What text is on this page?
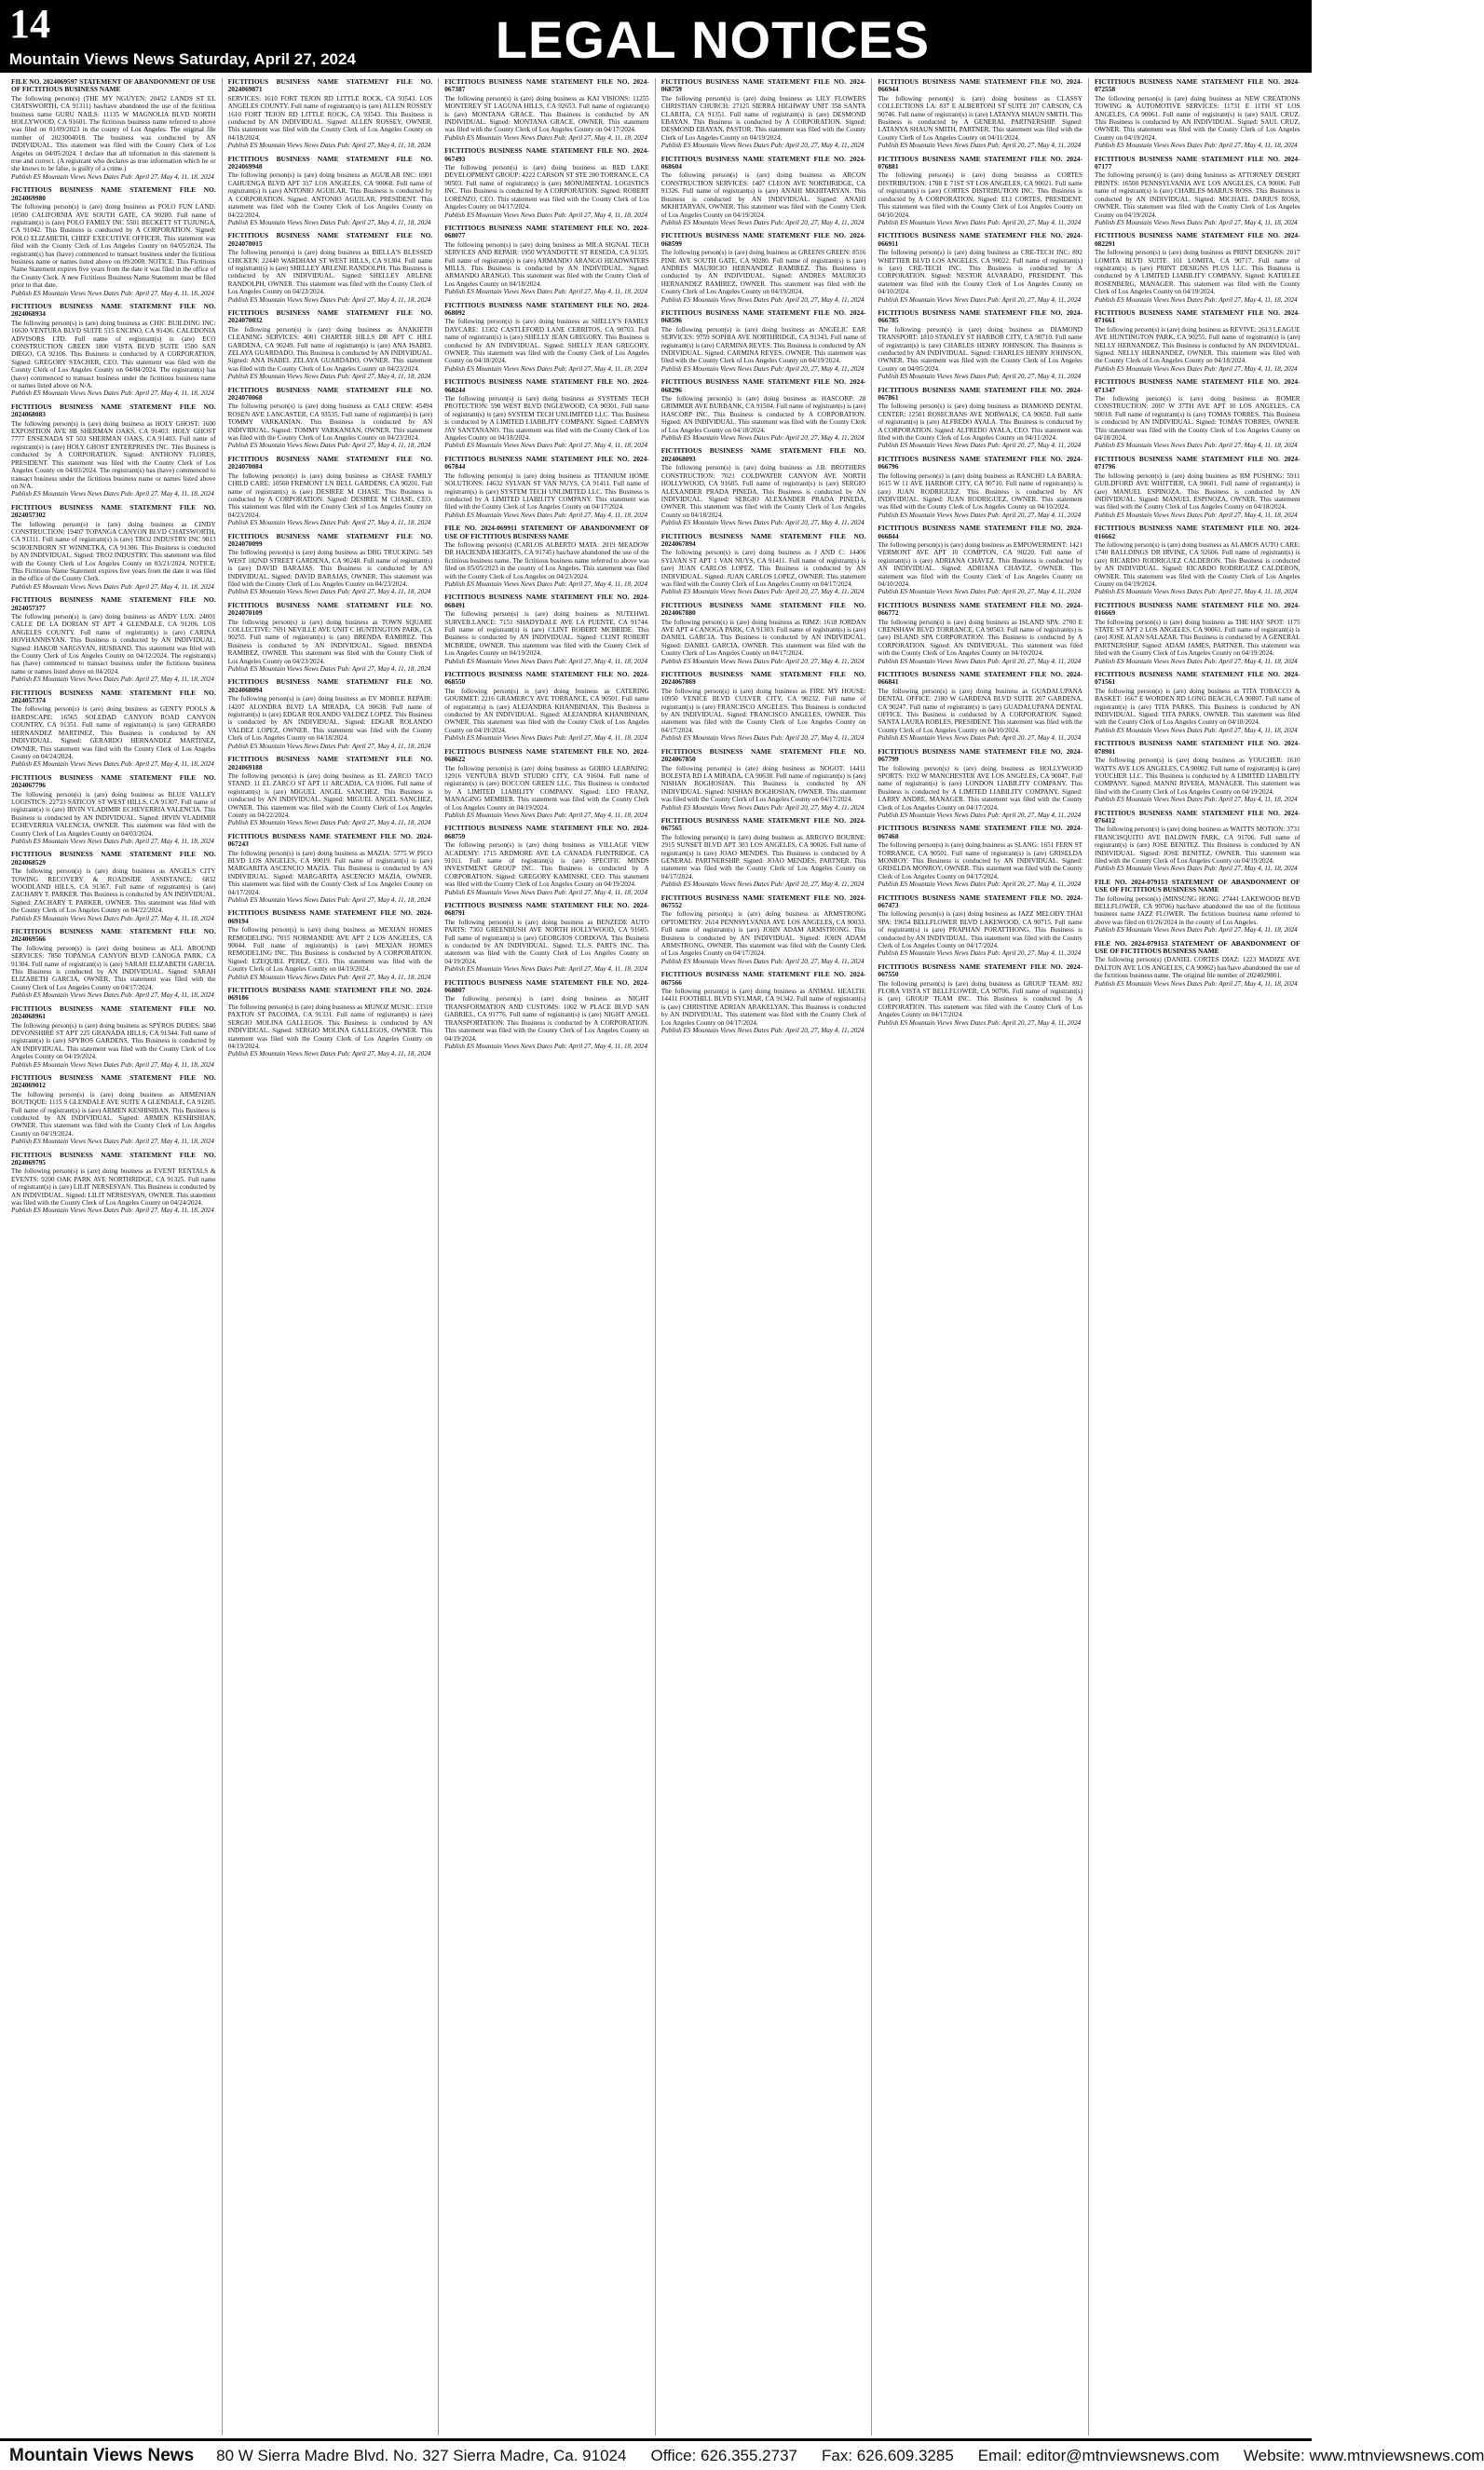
14
Mountain Views News Saturday, April 27, 2024	LEGAL NOTICES
FILE NO. 2024069597 STATEMENT OF ABANDONMENT OF USE OF FICTITIOUS BUSINESS NAME
The following person(s) (THE MY NGUYEN: 20452 LANDS ST EL CHATSWORTH, CA 91311) has/have abandoned the use of the fictitious business name GURU NAILS: 11135 W MAGNOLIA BLVD NORTH HOLLYWOOD, CA 91601. The fictitious business name referred to above was filed on 01/09/2023 in the county of Los Angeles. The original file number of 2023004018. The business was conducted by AN INDIVIDUAL. This statement was filed with the County Clerk of Los Angeles on 04/05/2024. I declare that all information in this statement is true and correct. (A registrant who declares as true information which he or she knows to be false, is guilty of a crime.)
Publish ES Mountain Views News Dates Pub: April 27, May 4, 11, 18, 2024
FICTITIOUS BUSINESS NAME STATEMENT FILE NO. 2024069980
The following person(s) is (are) doing business as POLO FUN LAND: 10500 CALIFORNIA AVE SOUTH GATE, CA 90280. Full name of registrant(s) is (are) POLO FAMILY INC 5501 BECKETT ST TUJUNGA, CA 91042. This Business is conducted by A CORPORATION. Signed: POLO ELIZABETH, CHIEF EXECUTIVE OFFICER. This statement was filed with the County Clerk of Los Angeles County on 04/05/2024. The registrant(s) has (have) commenced to transact business under the fictitious business name or names listed above on 09/2008. NOTICE: This Fictitious Name Statement expires five years from the date it was filed in the office of the County Clerk. A new Fictitious Business Name Statement must be filed prior to that date.
Publish ES Mountain Views News Dates Pub: April 27, May 4, 11, 18, 2024
FICTITIOUS BUSINESS NAME STATEMENT FILE NO. 2024068934
The following person(s) is (are) doing business as CHIC BUILDING INC: 16630 VENTURA BLVD SUITE 515 ENCINO, CA 91436. CALEDONIA ADVISORS LTD. Full name of registrant(s) is (are) ECO CONSTRUCTION GREEN 1800 VISTA BLVD SUITE 1500 SAN DIEGO, CA 92106. This Business is conducted by A CORPORATION. Signed: GREGORY STACHER, CEO. This statement was filed with the County Clerk of Los Angeles County on 04/04/2024. The registrant(s) has (have) commenced to transact business under the fictitious business name or names listed above on N/A.
Publish ES Mountain Views News Dates Pub: April 27, May 4, 11, 18, 2024
FICTITIOUS BUSINESS NAME STATEMENT FILE NO. 2024068083
The following person(s) is (are) doing business as HOLY GHOST: 1600 EXPOSITION AVE 8B SHERMAN OAKS, CA 91403. HOLY GHOST 7777 ENSENADA ST 503 SHERMAN OAKS, CA 91403. Full name of registrant(s) is (are) HOLY GHOST ENTERPRISES INC. This Business is conducted by A CORPORATION. Signed: ANTHONY FLORES, PRESIDENT. This statement was filed with the County Clerk of Los Angeles County on 04/03/2024. The registrant(s) has (have) commenced to transact business under the fictitious business name or names listed above on N/A.
Publish ES Mountain Views News Dates Pub: April 27, May 4, 11, 18, 2024
FICTITIOUS BUSINESS NAME STATEMENT FILE NO. 2024057302
The following person(s) is (are) doing business as CINDY CONSTRUCTION: 19407 TOPANGA CANYON BLVD CHATSWORTH, CA 91311. Full name of registrant(s) is (are) TRO2 INDUSTRY INC 9813 SCHOENBORN ST WINNETKA, CA 91306. This Business is conducted by AN INDIVIDUAL. Signed: TRO2 INDUSTRY. This statement was filed with the County Clerk of Los Angeles County on 03/21/2024. NOTICE: This Fictitious Name Statement expires five years from the date it was filed in the office of the County Clerk.
Publish ES Mountain Views News Dates Pub: April 27, May 4, 11, 18, 2024
FICTITIOUS BUSINESS NAME STATEMENT FILE NO. 2024057377
The following person(s) is (are) doing business as ANDY LUX: 24001 CALLE DE LA DORIAN ST APT 4 GLENDALE, CA 91206. LOS ANGELES COUNTY. Full name of registrant(s) is (are) CARINA HOVHANNISYAN. This Business is conducted by AN INDIVIDUAL. Signed: HAKOB SARGSYAN, HUSBAND. This statement was filed with the County Clerk of Los Angeles County on 04/12/2024. The registrant(s) has (have) commenced to transact business under the fictitious business name or names listed above on 04/2024.
Publish ES Mountain Views News Dates Pub: April 27, May 4, 11, 18, 2024
FICTITIOUS BUSINESS NAME STATEMENT FILE NO. 2024057374
The following person(s) is (are) doing business as GENTY POOLS & HARDSCAPE: 16565 SOLEDAD CANYON ROAD CANYON COUNTRY, CA 91351. Full name of registrant(s) is (are) GERARDO HERNANDEZ MARTINEZ. This Business is conducted by AN INDIVIDUAL. Signed: GERARDO HERNANDEZ MARTINEZ, OWNER. This statement was filed with the County Clerk of Los Angeles County on 04/24/2024.
Publish ES Mountain Views News Dates Pub: April 27, May 4, 11, 18, 2024
FICTITIOUS BUSINESS NAME STATEMENT FILE NO. 2024067796
The following person(s) is (are) doing business as BLUE VALLEY LOGISTICS: 22733 SATICOY ST WEST HILLS, CA 91307. Full name of registrant(s) is (are) IRVIN VLADIMIR ECHEVERRIA VALENCIA. This Business is conducted by AN INDIVIDUAL. Signed: IRVIN VLADIMIR ECHEVERRIA VALENCIA, OWNER. This statement was filed with the County Clerk of Los Angeles County on 04/03/2024.
Publish ES Mountain Views News Dates Pub: April 27, May 4, 11, 18, 2024
FICTITIOUS BUSINESS NAME STATEMENT FILE NO. 2024068529
The following person(s) is (are) doing business as ANGELS CITY TOWING RECOVERY & ROADSIDE ASSISTANCE: 6832 WOODLAND HILLS, CA 91367. Full name of registrant(s) is (are) ZACHARY T. PARKER. This Business is conducted by AN INDIVIDUAL. Signed: ZACHARY T. PARKER, OWNER. This statement was filed with the County Clerk of Los Angeles County on 04/22/2024.
Publish ES Mountain Views News Dates Pub: April 27, May 4, 11, 18, 2024
FICTITIOUS BUSINESS NAME STATEMENT FILE NO. 2024069566
The following person(s) is (are) doing business as ALL AROUND SERVICES: 7850 TOPANGA CANYON BLVD CANOGA PARK, CA 91304. Full name of registrant(s) is (are) SARAH ELIZABETH GARCIA. This Business is conducted by AN INDIVIDUAL. Signed: SARAH ELIZABETH GARCIA, OWNER. This statement was filed with the County Clerk of Los Angeles County on 04/17/2024.
Publish ES Mountain Views News Dates Pub: April 27, May 4, 11, 18, 2024
FICTITIOUS BUSINESS NAME STATEMENT FILE NO. 2024068961
The following person(s) is (are) doing business as SPYROS DUDES: 5840 DEVONSHIRE ST APT 225 GRANADA HILLS, CA 91344. Full name of registrant(s) is (are) SPYROS GARDENS. This Business is conducted by AN INDIVIDUAL. This statement was filed with the County Clerk of Los Angeles County on 04/19/2024.
Publish ES Mountain Views News Dates Pub: April 27, May 4, 11, 18, 2024
FICTITIOUS BUSINESS NAME STATEMENT FILE NO. 2024069012
The following person(s) is (are) doing business as ARMENIAN BOUTIQUE: 1115 S GLENDALE AVE SUITE A GLENDALE, CA 91205. Full name of registrant(s) is (are) ARMEN KESHISHIAN. This Business is conducted by AN INDIVIDUAL. Signed: ARMEN KESHISHIAN, OWNER. This statement was filed with the County Clerk of Los Angeles County on 04/19/2024.
Publish ES Mountain Views News Dates Pub: April 27, May 4, 11, 18, 2024
FICTITIOUS BUSINESS NAME STATEMENT FILE NO. 2024069795
The following person(s) is (are) doing business as EVENT RENTALS & EVENTS: 9200 OAK PARK AVE NORTHRIDGE, CA 91325. Full name of registrant(s) is (are) LILIT NERSESYAN. This Business is conducted by AN INDIVIDUAL. Signed: LILIT NERSESYAN, OWNER. This statement was filed with the County Clerk of Los Angeles County on 04/24/2024.
Publish ES Mountain Views News Dates Pub: April 27, May 4, 11, 18, 2024
FICTITIOUS BUSINESS NAME STATEMENT FILE NO. 2024069871
SERVICES: 1610 FORT TEJON RD LITTLE ROCK, CA 93543. LOS ANGELES COUNTY. Full name of registrant(s) is (are) ALLEN ROSSEY 1610 FORT TEJON RD LITTLE ROCK, CA 93543. This Business is conducted by AN INDIVIDUAL. Signed: ALLEN ROSSEY, OWNER. This statement was filed with the County Clerk of Los Angeles County on 04/18/2024.
Publish ES Mountain Views News Dates Pub: April 27, May 4, 11, 18, 2024
FICTITIOUS BUSINESS NAME STATEMENT FILE NO. 2024069948
The following person(s) is (are) doing business as AGUILAR INC: 6901 CAHUENGA BLVD APT 317 LOS ANGELES, CA 90068. Full name of registrant(s) is (are) ANTONIO AGUILAR. This Business is conducted by A CORPORATION. Signed: ANTONIO AGUILAR, PRESIDENT. This statement was filed with the County Clerk of Los Angeles County on 04/22/2024.
Publish ES Mountain Views News Dates Pub: April 27, May 4, 11, 18, 2024
FICTITIOUS BUSINESS NAME STATEMENT FILE NO. 2024070015
The following person(s) is (are) doing business as BIELLA'S BLESSED CHICKEN: 22440 WARDHAM ST WEST HILLS, CA 91304. Full name of registrant(s) is (are) SHELLEY ARLENE RANDOLPH. This Business is conducted by AN INDIVIDUAL. Signed: SHELLEY ARLENE RANDOLPH, OWNER. This statement was filed with the County Clerk of Los Angeles County on 04/23/2024.
Publish ES Mountain Views News Dates Pub: April 27, May 4, 11, 18, 2024
FICTITIOUS BUSINESS NAME STATEMENT FILE NO. 2024070032
The following person(s) is (are) doing business as ANAKIETH CLEANING SERVICES: 4001 CHARTER HILLS DR APT C HILL GARDENA, CA 90249. Full name of registrant(s) is (are) ANA ISABEL ZELAYA GUARDADO. This Business is conducted by AN INDIVIDUAL. Signed: ANA ISABEL ZELAYA GUARDADO, OWNER. This statement was filed with the County Clerk of Los Angeles County on 04/23/2024.
Publish ES Mountain Views News Dates Pub: April 27, May 4, 11, 18, 2024
FICTITIOUS BUSINESS NAME STATEMENT FILE NO. 2024070068
The following person(s) is (are) doing business as CALI CREW: 45494 ROSEN AVE LANCASTER, CA 93535. Full name of registrant(s) is (are) TOMMY VARKANIAN. This Business is conducted by AN INDIVIDUAL. Signed: TOMMY VARKANIAN, OWNER. This statement was filed with the County Clerk of Los Angeles County on 04/23/2024.
Publish ES Mountain Views News Dates Pub: April 27, May 4, 11, 18, 2024
FICTITIOUS BUSINESS NAME STATEMENT FILE NO. 2024070084
The following person(s) is (are) doing business as CHASE FAMILY CHILD CARE: 10560 FREMONT LN BELL GARDENS, CA 90201. Full name of registrant(s) is (are) DESIREE M CHASE. This Business is conducted by A CORPORATION. Signed: DESIREE M CHASE, CEO. This statement was filed with the County Clerk of Los Angeles County on 04/23/2024.
Publish ES Mountain Views News Dates Pub: April 27, May 4, 11, 18, 2024
FICTITIOUS BUSINESS NAME STATEMENT FILE NO. 2024070099
The following person(s) is (are) doing business as DBG TRUCKING: 549 WEST 182ND STREET GARDENA, CA 90248. Full name of registrant(s) is (are) DAVID BARAJAS. This Business is conducted by AN INDIVIDUAL. Signed: DAVID BARAJAS, OWNER. This statement was filed with the County Clerk of Los Angeles County on 04/23/2024.
Publish ES Mountain Views News Dates Pub: April 27, May 4, 11, 18, 2024
FICTITIOUS BUSINESS NAME STATEMENT FILE NO. 2024070109
The following person(s) is (are) doing business as TOWN SQUARE COLLECTIVE: 7691 NEVILLE AVE UNIT C HUNTINGTON PARK, CA 90255. Full name of registrant(s) is (are) BRENDA RAMIREZ. This Business is conducted by AN INDIVIDUAL. Signed: BRENDA RAMIREZ, OWNER. This statement was filed with the County Clerk of Los Angeles County on 04/23/2024.
Publish ES Mountain Views News Dates Pub: April 27, May 4, 11, 18, 2024
FICTITIOUS BUSINESS NAME STATEMENT FILE NO. 2024068094
The following person(s) is (are) doing business as EV MOBILE REPAIR: 14207 ALONDRA BLVD LA MIRADA, CA 90638. Full name of registrant(s) is (are) EDGAR ROLANDO VALDEZ LOPEZ. This Business is conducted by AN INDIVIDUAL. Signed: EDGAR ROLANDO VALDEZ LOPEZ, OWNER. This statement was filed with the County Clerk of Los Angeles County on 04/18/2024.
Publish ES Mountain Views News Dates Pub: April 27, May 4, 11, 18, 2024
FICTITIOUS BUSINESS NAME STATEMENT FILE NO. 2024069188
The following person(s) is (are) doing business as EL ZARCO TACO STAND: 11 EL ZARCO ST APT 11 ARCADIA, CA 91006. Full name of registrant(s) is (are) MIGUEL ANGEL SANCHEZ. This Business is conducted by AN INDIVIDUAL. Signed: MIGUEL ANGEL SANCHEZ, OWNER. This statement was filed with the County Clerk of Los Angeles County on 04/22/2024.
Publish ES Mountain Views News Dates Pub: April 27, May 4, 11, 18, 2024
FICTITIOUS BUSINESS NAME STATEMENT FILE NO. 2024-067243
The following person(s) is (are) doing business as MAZIA: 5775 W PICO BLVD LOS ANGELES, CA 90019. Full name of registrant(s) is (are) MARGARITA ASCENCIO MAZIA. This Business is conducted by AN INDIVIDUAL. Signed: MARGARITA ASCENCIO MAZIA, OWNER. This statement was filed with the County Clerk of Los Angeles County on 04/17/2024.
Publish ES Mountain Views News Dates Pub: April 27, May 4, 11, 18, 2024
FICTITIOUS BUSINESS NAME STATEMENT FILE NO. 2024-069194
The following person(s) is (are) doing business as MEXIAN HOMES REMODELING: 7015 NORMANDIE AVE APT 2 LOS ANGELES, CA 90044. Full name of registrant(s) is (are) MEXIAN HOMES REMODELING INC. This Business is conducted by A CORPORATION. Signed: EZEQUIEL PEREZ, CEO. This statement was filed with the County Clerk of Los Angeles County on 04/19/2024.
Publish ES Mountain Views News Dates Pub: April 27, May 4, 11, 18, 2024
FICTITIOUS BUSINESS NAME STATEMENT FILE NO. 2024-069186
The following person(s) is (are) doing business as MUNOZ MUSIC: 13310 PAXTON ST PACOIMA, CA 91331. Full name of registrant(s) is (are) SERGIO MOLINA GALLEGOS. This Business is conducted by AN INDIVIDUAL. Signed: SERGIO MOLINA GALLEGOS, OWNER. This statement was filed with the County Clerk of Los Angeles County on 04/19/2024.
Publish ES Mountain Views News Dates Pub: April 27, May 4, 11, 18, 2024
FICTITIOUS BUSINESS NAME STATEMENT FILE NO. 2024-067387
The following person(s) is (are) doing business as KAI VISIONS: 11255 MONTEREY ST LAGUNA HILLS, CA 92653. Full name of registrant(s) is (are) MONTANA GRACE. This Business is conducted by AN INDIVIDUAL. Signed: MONTANA GRACE, OWNER. This statement was filed with the County Clerk of Los Angeles County on 04/17/2024.
Publish ES Mountain Views News Dates Pub: April 27, May 4, 11, 18, 2024
FICTITIOUS BUSINESS NAME STATEMENT FILE NO. 2024-067493
The following person(s) is (are) doing business as RED LAKE DEVELOPMENT GROUP: 4222 CARSON ST STE 200 TORRANCE, CA 90503. Full name of registrant(s) is (are) MONUMENTAL LOGISTICS INC. This Business is conducted by A CORPORATION. Signed: ROBERT LORENZO, CEO. This statement was filed with the County Clerk of Los Angeles County on 04/17/2024.
Publish ES Mountain Views News Dates Pub: April 27, May 4, 11, 18, 2024
FICTITIOUS BUSINESS NAME STATEMENT FILE NO. 2024-068077
The following person(s) is (are) doing business as MILA SIGNAL TECH SERVICES AND REPAIR: 1950 WYANDOTTE ST RESEDA, CA 91335. Full name of registrant(s) is (are) ARMANDO ARANGO HEADWATERS MILLS. This Business is conducted by AN INDIVIDUAL. Signed: ARMANDO ARANGO. This statement was filed with the County Clerk of Los Angeles County on 04/18/2024.
Publish ES Mountain Views News Dates Pub: April 27, May 4, 11, 18, 2024
FICTITIOUS BUSINESS NAME STATEMENT FILE NO. 2024-068092
The following person(s) is (are) doing business as SHELLY'S FAMILY DAYCARE: 13302 CASTLEFORD LANE CERRITOS, CA 90703. Full name of registrant(s) is (are) SHELLY JEAN GREGORY. This Business is conducted by AN INDIVIDUAL. Signed: SHELLY JEAN GREGORY, OWNER. This statement was filed with the County Clerk of Los Angeles County on 04/18/2024.
Publish ES Mountain Views News Dates Pub: April 27, May 4, 11, 18, 2024
FICTITIOUS BUSINESS NAME STATEMENT FILE NO. 2024-068244
The following person(s) is (are) doing business as SYSTEMS TECH PROTECTION: 590 WEST BLVD INGLEWOOD, CA 90301. Full name of registrant(s) is (are) SYSTEM TECH UNLIMITED LLC. This Business is conducted by A LIMITED LIABILITY COMPANY. Signed: CARMYN JAY SANTANANO. This statement was filed with the County Clerk of Los Angeles County on 04/18/2024.
Publish ES Mountain Views News Dates Pub: April 27, May 4, 11, 18, 2024
FICTITIOUS BUSINESS NAME STATEMENT FILE NO. 2024-067844
The following person(s) is (are) doing business as TITANIUM HOME SOLUTIONS: 14632 SYLVAN ST VAN NUYS, CA 91411. Full name of registrant(s) is (are) SYSTEM TECH UNLIMITED LLC. This Business is conducted by A LIMITED LIABILITY COMPANY. This statement was filed with the County Clerk of Los Angeles County on 04/17/2024.
Publish ES Mountain Views News Dates Pub: April 27, May 4, 11, 18, 2024
FILE NO. 2024-069911 STATEMENT OF ABANDONMENT OF USE OF FICTITIOUS BUSINESS NAME
The following person(s) (CARLOS ALBERTO MATA: 2019 MEADOW DR HACIENDA HEIGHTS, CA 91745) has/have abandoned the use of the fictitious business name. The fictitious business name referred to above was filed on 05/05/2023 in the county of Los Angeles. This statement was filed with the County Clerk of Los Angeles on 04/23/2024.
Publish ES Mountain Views News Dates Pub: April 27, May 4, 11, 18, 2024
FICTITIOUS BUSINESS NAME STATEMENT FILE NO. 2024-068491
The following person(s) is (are) doing business as NUTEHWL SURVEILLANCE: 7151 SHADYDALE AVE LA PUENTE, CA 91744. Full name of registrant(s) is (are) CLINT ROBERT MCBRIDE. This Business is conducted by AN INDIVIDUAL. Signed: CLINT ROBERT MCBRIDE, OWNER. This statement was filed with the County Clerk of Los Angeles County on 04/19/2024.
Publish ES Mountain Views News Dates Pub: April 27, May 4, 11, 18, 2024
FICTITIOUS BUSINESS NAME STATEMENT FILE NO. 2024-068550
The following person(s) is (are) doing business as CATERING GOURMET: 2216 GRAMERCY AVE TORRANCE, CA 90501. Full name of registrant(s) is (are) ALEJANDRA KHANBINIAN. This Business is conducted by AN INDIVIDUAL. Signed: ALEJANDRA KHANBINIAN, OWNER. This statement was filed with the County Clerk of Los Angeles County on 04/19/2024.
Publish ES Mountain Views News Dates Pub: April 27, May 4, 11, 18, 2024
FICTITIOUS BUSINESS NAME STATEMENT FILE NO. 2024-068622
The following person(s) is (are) doing business as GOBIO LEARNING: 12916 VENTURA BLVD STUDIO CITY, CA 91604. Full name of registrant(s) is (are) BOCCON GREEN LLC. This Business is conducted by A LIMITED LIABILITY COMPANY. Signed: LEO FRANZ, MANAGING MEMBER. This statement was filed with the County Clerk of Los Angeles County on 04/19/2024.
Publish ES Mountain Views News Dates Pub: April 27, May 4, 11, 18, 2024
FICTITIOUS BUSINESS NAME STATEMENT FILE NO. 2024-068759
The following person(s) is (are) doing business as VILLAGE VIEW ACADEMY: 1715 ARDMORE AVE LA CANADA FLINTRIDGE, CA 91011. Full name of registrant(s) is (are) SPECIFIC MINDS INVESTMENT GROUP INC. This Business is conducted by A CORPORATION. Signed: GREGORY KAMINSKI, CEO. This statement was filed with the County Clerk of Los Angeles County on 04/19/2024.
Publish ES Mountain Views News Dates Pub: April 27, May 4, 11, 18, 2024
FICTITIOUS BUSINESS NAME STATEMENT FILE NO. 2024-068791
The following person(s) is (are) doing business as BENZEDE AUTO PARTS: 7303 GREENBUSH AVE NORTH HOLLYWOOD, CA 91605. Full name of registrant(s) is (are) GEORGIOS CORDOVA. This Business is conducted by AN INDIVIDUAL. Signed: T.L.S. PARTS INC. This statement was filed with the County Clerk of Los Angeles County on 04/19/2024.
Publish ES Mountain Views News Dates Pub: April 27, May 4, 11, 18, 2024
FICTITIOUS BUSINESS NAME STATEMENT FILE NO. 2024-068807
The following person(s) is (are) doing business as NIGHT TRANSFORMATION AND CUSTOMS: 1002 W PLACE BLVD SAN GABRIEL, CA 91776. Full name of registrant(s) is (are) NIGHT ANGEL TRANSPORTATION. This Business is conducted by A CORPORATION. This statement was filed with the County Clerk of Los Angeles County on 04/19/2024.
Publish ES Mountain Views News Dates Pub: April 27, May 4, 11, 18, 2024
FICTITIOUS BUSINESS NAME STATEMENT FILE NO. 2024-068759
The following person(s) is (are) doing business as LILY FLOWERS CHRISTIAN CHURCH: 27125 SIERRA HIGHWAY UNIT 358 SANTA CLARITA, CA 91351. Full name of registrant(s) is (are) DESMOND EBAYAN. This Business is conducted by A CORPORATION. Signed: DESMOND EBAYAN, PASTOR. This statement was filed with the County Clerk of Los Angeles County on 04/19/2024.
Publish ES Mountain Views News Dates Pub: April 20, 27, May 4, 11, 2024
FICTITIOUS BUSINESS NAME STATEMENT FILE NO. 2024-068604
The following person(s) is (are) doing business as ARCON CONSTRUCTION SERVICES: 1407 CLEON AVE NORTHRIDGE, CA 91326. Full name of registrant(s) is (are) ANAHI MKHITARYAN. This Business is conducted by AN INDIVIDUAL. Signed: ANAHI MKHITARYAN, OWNER. This statement was filed with the County Clerk of Los Angeles County on 04/19/2024.
Publish ES Mountain Views News Dates Pub: April 20, 27, May 4, 11, 2024
FICTITIOUS BUSINESS NAME STATEMENT FILE NO. 2024-068599
The following person(s) is (are) doing business as GREENS GREEN: 8516 PINE AVE SOUTH GATE, CA 90280. Full name of registrant(s) is (are) ANDRES MAURICIO HERNANDEZ RAMIREZ. This Business is conducted by AN INDIVIDUAL. Signed: ANDRES MAURICIO HERNANDEZ RAMIREZ, OWNER. This statement was filed with the County Clerk of Los Angeles County on 04/19/2024.
Publish ES Mountain Views News Dates Pub: April 20, 27, May 4, 11, 2024
FICTITIOUS BUSINESS NAME STATEMENT FILE NO. 2024-068596
The following person(s) is (are) doing business as ANGELIC EAR SERVICES: 9759 SOPHIA AVE NORTHRIDGE, CA 91343. Full name of registrant(s) is (are) CARMINA REYES. This Business is conducted by AN INDIVIDUAL. Signed: CARMINA REYES, OWNER. This statement was filed with the County Clerk of Los Angeles County on 04/19/2024.
Publish ES Mountain Views News Dates Pub: April 20, 27, May 4, 11, 2024
FICTITIOUS BUSINESS NAME STATEMENT FILE NO. 2024-068296
The following person(s) is (are) doing business as HASCORP: 28 GRIMMER AVE BURBANK, CA 91504. Full name of registrant(s) is (are) HASCORP INC. This Business is conducted by A CORPORATION. Signed: AN INDIVIDUAL. This statement was filed with the County Clerk of Los Angeles County on 04/18/2024.
Publish ES Mountain Views News Dates Pub: April 20, 27, May 4, 11, 2024
FICTITIOUS BUSINESS NAME STATEMENT FILE NO. 2024068093
The following person(s) is (are) doing business as J.B. BROTHERS CONSTRUCTION: 7021 COLDWATER CANYON AVE NORTH HOLLYWOOD, CA 91605. Full name of registrant(s) is (are) SERGIO ALEXANDER PRADA PINEDA. This Business is conducted by AN INDIVIDUAL. Signed: SERGIO ALEXANDER PRADA PINEDA, OWNER. This statement was filed with the County Clerk of Los Angeles County on 04/18/2024.
Publish ES Mountain Views News Dates Pub: April 20, 27, May 4, 11, 2024
FICTITIOUS BUSINESS NAME STATEMENT FILE NO. 2024067894
The following person(s) is (are) doing business as J AND C: 14406 SYLVAN ST APT 1 VAN NUYS, CA 91411. Full name of registrant(s) is (are) JUAN CARLOS LOPEZ. This Business is conducted by AN INDIVIDUAL. Signed: JUAN CARLOS LOPEZ, OWNER. This statement was filed with the County Clerk of Los Angeles County on 04/17/2024.
Publish ES Mountain Views News Dates Pub: April 20, 27, May 4, 11, 2024
FICTITIOUS BUSINESS NAME STATEMENT FILE NO. 2024067880
The following person(s) is (are) doing business as RIMZ: 1618 JORDAN AVE APT 4 CANOGA PARK, CA 91303. Full name of registrant(s) is (are) DANIEL GARCIA. This Business is conducted by AN INDIVIDUAL. Signed: DANIEL GARCIA, OWNER. This statement was filed with the County Clerk of Los Angeles County on 04/17/2024.
Publish ES Mountain Views News Dates Pub: April 20, 27, May 4, 11, 2024
FICTITIOUS BUSINESS NAME STATEMENT FILE NO. 2024067869
The following person(s) is (are) doing business as FIRE MY HOUSE: 10950 VENICE BLVD CULVER CITY, CA 90232. Full name of registrant(s) is (are) FRANCISCO ANGELES. This Business is conducted by AN INDIVIDUAL. Signed: FRANCISCO ANGELES, OWNER. This statement was filed with the County Clerk of Los Angeles County on 04/17/2024.
Publish ES Mountain Views News Dates Pub: April 20, 27, May 4, 11, 2024
FICTITIOUS BUSINESS NAME STATEMENT FILE NO. 2024067850
The following person(s) is (are) doing business as NOGOT: 14411 BOLESTA RD LA MIRADA, CA 90638. Full name of registrant(s) is (are) NISHAN BOGHOSIAN. This Business is conducted by AN INDIVIDUAL. Signed: NISHAN BOGHOSIAN, OWNER. This statement was filed with the County Clerk of Los Angeles County on 04/17/2024.
Publish ES Mountain Views News Dates Pub: April 20, 27, May 4, 11, 2024
FICTITIOUS BUSINESS NAME STATEMENT FILE NO. 2024-067565
The following person(s) is (are) doing business as ARROYO BOURNE: 2915 SUNSET BLVD APT 303 LOS ANGELES, CA 90026. Full name of registrant(s) is (are) JOAO MENDES. This Business is conducted by A GENERAL PARTNERSHIP. Signed: JOAO MENDES, PARTNER. This statement was filed with the County Clerk of Los Angeles County on 04/17/2024.
Publish ES Mountain Views News Dates Pub: April 20, 27, May 4, 11, 2024
FICTITIOUS BUSINESS NAME STATEMENT FILE NO. 2024-067552
The following person(s) is (are) doing business as ARMSTRONG OPTOMETRY: 2614 PENNSYLVANIA AVE LOS ANGELES, CA 90033. Full name of registrant(s) is (are) JOHN ADAM ARMSTRONG. This Business is conducted by AN INDIVIDUAL. Signed: JOHN ADAM ARMSTRONG, OWNER. This statement was filed with the County Clerk of Los Angeles County on 04/17/2024.
Publish ES Mountain Views News Dates Pub: April 20, 27, May 4, 11, 2024
FICTITIOUS BUSINESS NAME STATEMENT FILE NO. 2024-067566
The following person(s) is (are) doing business as ANIMAL HEALTH: 14411 FOOTHILL BLVD SYLMAR, CA 91342. Full name of registrant(s) is (are) CHRISTINE ADRIAN ARAKELYAN. This Business is conducted by AN INDIVIDUAL. This statement was filed with the County Clerk of Los Angeles County on 04/17/2024.
Publish ES Mountain Views News Dates Pub: April 20, 27, May 4, 11, 2024
FICTITIOUS BUSINESS NAME STATEMENT FILE NO. 2024-066944
The following person(s) is (are) doing business as CLASSY COLLECTIONS LA: 837 E ALBERTONI ST SUITE 207 CARSON, CA 90746. Full name of registrant(s) is (are) LATANYA SHAUN SMITH. This Business is conducted by A GENERAL PARTNERSHIP. Signed: LATANYA SHAUN SMITH, PARTNER. This statement was filed with the County Clerk of Los Angeles County on 04/11/2024.
Publish ES Mountain Views News Dates Pub: April 20, 27, May 4, 11, 2024
FICTITIOUS BUSINESS NAME STATEMENT FILE NO. 2024-076881
The following person(s) is (are) doing business as CORTES DISTRIBUTION: 1708 E 71ST ST LOS ANGELES, CA 90021. Full name of registrant(s) is (are) CORTES DISTRIBUTION INC. This Business is conducted by A CORPORATION. Signed: ELI CORTES, PRESIDENT. This statement was filed with the County Clerk of Los Angeles County on 04/10/2024.
Publish ES Mountain Views News Dates Pub: April 20, 27, May 4, 11, 2024
FICTITIOUS BUSINESS NAME STATEMENT FILE NO. 2024-066911
The following person(s) is (are) doing business as CRE-TECH INC: 892 WHITTIER BLVD LOS ANGELES, CA 90022. Full name of registrant(s) is (are) CRE-TECH INC. This Business is conducted by A CORPORATION. Signed: NESTOR ALVARADO, PRESIDENT. This statement was filed with the County Clerk of Los Angeles County on 04/10/2024.
Publish ES Mountain Views News Dates Pub: April 20, 27, May 4, 11, 2024
FICTITIOUS BUSINESS NAME STATEMENT FILE NO. 2024-066785
The following person(s) is (are) doing business as DIAMOND TRANSPORT: 1810 STANLEY ST HARBOR CITY, CA 90710. Full name of registrant(s) is (are) CHARLES HENRY JOHNSON. This Business is conducted by AN INDIVIDUAL. Signed: CHARLES HENRY JOHNSON, OWNER. This statement was filed with the County Clerk of Los Angeles County on 04/05/2024.
Publish ES Mountain Views News Dates Pub: April 20, 27, May 4, 11, 2024
FICTITIOUS BUSINESS NAME STATEMENT FILE NO. 2024-067861
The following person(s) is (are) doing business as DIAMOND DENTAL CENTER: 12501 ROSECRANS AVE NORWALK, CA 90650. Full name of registrant(s) is (are) ALFREDO AYALA. This Business is conducted by A CORPORATION. Signed: ALFREDO AYALA, CEO. This statement was filed with the County Clerk of Los Angeles County on 04/11/2024.
Publish ES Mountain Views News Dates Pub: April 20, 27, May 4, 11, 2024
FICTITIOUS BUSINESS NAME STATEMENT FILE NO. 2024-066796
The following person(s) is (are) doing business as RANCHO LA BARRA: 1615 W 11 AVE HARBOR CITY, CA 90710. Full name of registrant(s) is (are) JUAN RODRIGUEZ. This Business is conducted by AN INDIVIDUAL. Signed: JUAN RODRIGUEZ, OWNER. This statement was filed with the County Clerk of Los Angeles County on 04/10/2024.
Publish ES Mountain Views News Dates Pub: April 20, 27, May 4, 11, 2024
FICTITIOUS BUSINESS NAME STATEMENT FILE NO. 2024-066844
The following person(s) is (are) doing business as EMPOWERMENT: 1421 VERMONT AVE APT 10 COMPTON, CA 90220. Full name of registrant(s) is (are) ADRIANA CHAVEZ. This Business is conducted by AN INDIVIDUAL. Signed: ADRIANA CHAVEZ, OWNER. This statement was filed with the County Clerk of Los Angeles County on 04/10/2024.
Publish ES Mountain Views News Dates Pub: April 20, 27, May 4, 11, 2024
FICTITIOUS BUSINESS NAME STATEMENT FILE NO. 2024-066772
The following person(s) is (are) doing business as ISLAND SPA: 2700 E CRENSHAW BLVD TORRANCE, CA 90503. Full name of registrant(s) is (are) ISLAND SPA CORPORATION. This Business is conducted by A CORPORATION. Signed: AN INDIVIDUAL. This statement was filed with the County Clerk of Los Angeles County on 04/10/2024.
Publish ES Mountain Views News Dates Pub: April 20, 27, May 4, 11, 2024
FICTITIOUS BUSINESS NAME STATEMENT FILE NO. 2024-066841
The following person(s) is (are) doing business as GUADALUPANA DENTAL OFFICE: 2180 W GARDENA BLVD SUITE 207 GARDENA, CA 90247. Full name of registrant(s) is (are) GUADALUPANA DENTAL OFFICE. This Business is conducted by A CORPORATION. Signed: SANTA LAURA ROBLES, PRESIDENT. This statement was filed with the County Clerk of Los Angeles County on 04/10/2024.
Publish ES Mountain Views News Dates Pub: April 20, 27, May 4, 11, 2024
FICTITIOUS BUSINESS NAME STATEMENT FILE NO. 2024-067799
The following person(s) is (are) doing business as HOLLYWOOD SPORTS: 1932 W MANCHESTER AVE LOS ANGELES, CA 90047. Full name of registrant(s) is (are) LONDON LIABILITY COMPANY. This Business is conducted by A LIMITED LIABILITY COMPANY. Signed: LARRY ANDRE, MANAGER. This statement was filed with the County Clerk of Los Angeles County on 04/17/2024.
Publish ES Mountain Views News Dates Pub: April 20, 27, May 4, 11, 2024
FICTITIOUS BUSINESS NAME STATEMENT FILE NO. 2024-067468
The following person(s) is (are) doing business as SLANG: 1651 FERN ST TORRANCE, CA 90501. Full name of registrant(s) is (are) GRISELDA MONROY. This Business is conducted by AN INDIVIDUAL. Signed: GRISELDA MONROY, OWNER. This statement was filed with the County Clerk of Los Angeles County on 04/17/2024.
Publish ES Mountain Views News Dates Pub: April 20, 27, May 4, 11, 2024
FICTITIOUS BUSINESS NAME STATEMENT FILE NO. 2024-067473
The following person(s) is (are) doing business as JAZZ MELODY THAI SPA: 19654 BELLFLOWER BLVD LAKEWOOD, CA 90715. Full name of registrant(s) is (are) PRAPHAN PORATTHONG. This Business is conducted by AN INDIVIDUAL. This statement was filed with the County Clerk of Los Angeles County on 04/17/2024.
Publish ES Mountain Views News Dates Pub: April 20, 27, May 4, 11, 2024
FICTITIOUS BUSINESS NAME STATEMENT FILE NO. 2024-067550
The following person(s) is (are) doing business as GROUP TEAM: 892 FLORA VISTA ST BELLFLOWER, CA 90706. Full name of registrant(s) is (are) GROUP TEAM INC. This Business is conducted by A CORPORATION. This statement was filed with the County Clerk of Los Angeles County on 04/17/2024.
Publish ES Mountain Views News Dates Pub: April 20, 27, May 4, 11, 2024
FICTITIOUS BUSINESS NAME STATEMENT FILE NO. 2024-072558
The following person(s) is (are) doing business as NEW CREATIONS TOWING & AUTOMOTIVE SERVICES: 11731 E 11TH ST LOS ANGELES, CA 90061. Full name of registrant(s) is (are) SAUL CRUZ. This Business is conducted by AN INDIVIDUAL. Signed: SAUL CRUZ, OWNER. This statement was filed with the County Clerk of Los Angeles County on 04/19/2024.
Publish ES Mountain Views News Dates Pub: April 27, May 4, 11, 18, 2024
FICTITIOUS BUSINESS NAME STATEMENT FILE NO. 2024-07177
The following person(s) is (are) doing business as ATTORNEY DESERT PRINTS: 16500 PENNSYLVANIA AVE LOS ANGELES, CA 90006. Full name of registrant(s) is (are) CHARLES MARIUS ROSS. This Business is conducted by AN INDIVIDUAL. Signed: MICHAEL DARIUS ROSS, OWNER. This statement was filed with the County Clerk of Los Angeles County on 04/19/2024.
Publish ES Mountain Views News Dates Pub: April 27, May 4, 11, 18, 2024
FICTITIOUS BUSINESS NAME STATEMENT FILE NO. 2024-082291
The following person(s) is (are) doing business as PRINT DESIGNS: 2017 LOMITA BLVD SUITE 101 LOMITA, CA 90717. Full name of registrant(s) is (are) PRINT DESIGNS PLUS LLC. This Business is conducted by A LIMITED LIABILITY COMPANY. Signed: KATIELEE ROSENBERG, MANAGER. This statement was filed with the County Clerk of Los Angeles County on 04/19/2024.
Publish ES Mountain Views News Dates Pub: April 27, May 4, 11, 18, 2024
FICTITIOUS BUSINESS NAME STATEMENT FILE NO. 2024-071661
The following person(s) is (are) doing business as REVIVE: 2613 LEAGUE AVE HUNTINGTON PARK, CA 90255. Full name of registrant(s) is (are) NELLY HERNANDEZ. This Business is conducted by AN INDIVIDUAL. Signed: NELLY HERNANDEZ, OWNER. This statement was filed with the County Clerk of Los Angeles County on 04/18/2024.
Publish ES Mountain Views News Dates Pub: April 27, May 4, 11, 18, 2024
FICTITIOUS BUSINESS NAME STATEMENT FILE NO. 2024-071347
The following person(s) is (are) doing business as ROMER CONSTRUCTION: 2007 W 37TH AVE APT 10 LOS ANGELES, CA 90018. Full name of registrant(s) is (are) TOMAS TORRES. This Business is conducted by AN INDIVIDUAL. Signed: TOMAS TORRES, OWNER. This statement was filed with the County Clerk of Los Angeles County on 04/18/2024.
Publish ES Mountain Views News Dates Pub: April 27, May 4, 11, 18, 2024
FICTITIOUS BUSINESS NAME STATEMENT FILE NO. 2024-071796
The following person(s) is (are) doing business as RM PUSHING: 5911 GUILDFORD AVE WHITTIER, CA 90601. Full name of registrant(s) is (are) MANUEL ESPINOZA. This Business is conducted by AN INDIVIDUAL. Signed: MANUEL ESPINOZA, OWNER. This statement was filed with the County Clerk of Los Angeles County on 04/18/2024.
Publish ES Mountain Views News Dates Pub: April 27, May 4, 11, 18, 2024
FICTITIOUS BUSINESS NAME STATEMENT FILE NO. 2024-016662
The following person(s) is (are) doing business as ALAMOS AUTO CARE: 1740 BALLDINGS DR IRVINE, CA 92606. Full name of registrant(s) is (are) RICARDO RODRIGUEZ CALDERON. This Business is conducted by AN INDIVIDUAL. Signed: RICARDO RODRIGUEZ CALDERON, OWNER. This statement was filed with the County Clerk of Los Angeles County on 04/19/2024.
Publish ES Mountain Views News Dates Pub: April 27, May 4, 11, 18, 2024
FICTITIOUS BUSINESS NAME STATEMENT FILE NO. 2024-016669
The following person(s) is (are) doing business as THE HAY SPOT: 1175 STATE ST APT 2 LOS ANGELES, CA 90061. Full name of registrant(s) is (are) JOSE ALAN SALAZAR. This Business is conducted by A GENERAL PARTNERSHIP. Signed: ADAM JAMES, PARTNER. This statement was filed with the County Clerk of Los Angeles County on 04/19/2024.
Publish ES Mountain Views News Dates Pub: April 27, May 4, 11, 18, 2024
FICTITIOUS BUSINESS NAME STATEMENT FILE NO. 2024-071561
The following person(s) is (are) doing business as TITA TOBACCO & BASKET: 1667 E WORDEN RD LONG BEACH, CA 90807. Full name of registrant(s) is (are) TITA PARKS. This Business is conducted by AN INDIVIDUAL. Signed: TITA PARKS, OWNER. This statement was filed with the County Clerk of Los Angeles County on 04/18/2024.
Publish ES Mountain Views News Dates Pub: April 27, May 4, 11, 18, 2024
FICTITIOUS BUSINESS NAME STATEMENT FILE NO. 2024-078901
The following person(s) is (are) doing business as YOUCHER: 1610 WATTS AVE LOS ANGELES, CA 90002. Full name of registrant(s) is (are) YOUCHER LLC. This Business is conducted by A LIMITED LIABILITY COMPANY. Signed: MANNI RIVERA, MANAGER. This statement was filed with the County Clerk of Los Angeles County on 04/19/2024.
Publish ES Mountain Views News Dates Pub: April 27, May 4, 11, 18, 2024
FICTITIOUS BUSINESS NAME STATEMENT FILE NO. 2024-076412
The following person(s) is (are) doing business as WAITTS MOTION: 3731 FRANCISQUITO AVE BALDWIN PARK, CA 91706. Full name of registrant(s) is (are) JOSE BENITEZ. This Business is conducted by AN INDIVIDUAL. Signed: JOSE BENITEZ, OWNER. This statement was filed with the County Clerk of Los Angeles County on 04/19/2024.
Publish ES Mountain Views News Dates Pub: April 27, May 4, 11, 18, 2024
FILE NO. 2024-079153 STATEMENT OF ABANDONMENT OF USE OF FICTITIOUS BUSINESS NAME
The following person(s) (MINSUNG HONG: 27441 LAKEWOOD BLVD BELLFLOWER, CA 90706) has/have abandoned the use of the fictitious business name JAZZ FLOWER. The fictitious business name referred to above was filed on 01/26/2024 in the county of Los Angeles.
Publish ES Mountain Views News Dates Pub: April 27, May 4, 11, 18, 2024
FILE NO. 2024-079153 STATEMENT OF ABANDONMENT OF USE OF FICTITIOUS BUSINESS NAME
The following person(s) (DANIEL CORTES DIAZ: 1223 MADIZE AVE DALTON AVE LOS ANGELES, CA 90062) has/have abandoned the use of the fictitious business name. The original file number of 2024029801.
Publish ES Mountain Views News Dates Pub: April 27, May 4, 11, 18, 2024
Mountain Views News 80 W Sierra Madre Blvd. No. 327 Sierra Madre, Ca. 91024 Office: 626.355.2737 Fax: 626.609.3285 Email: editor@mtnviewsnews.com Website: www.mtnviewsnews.com
